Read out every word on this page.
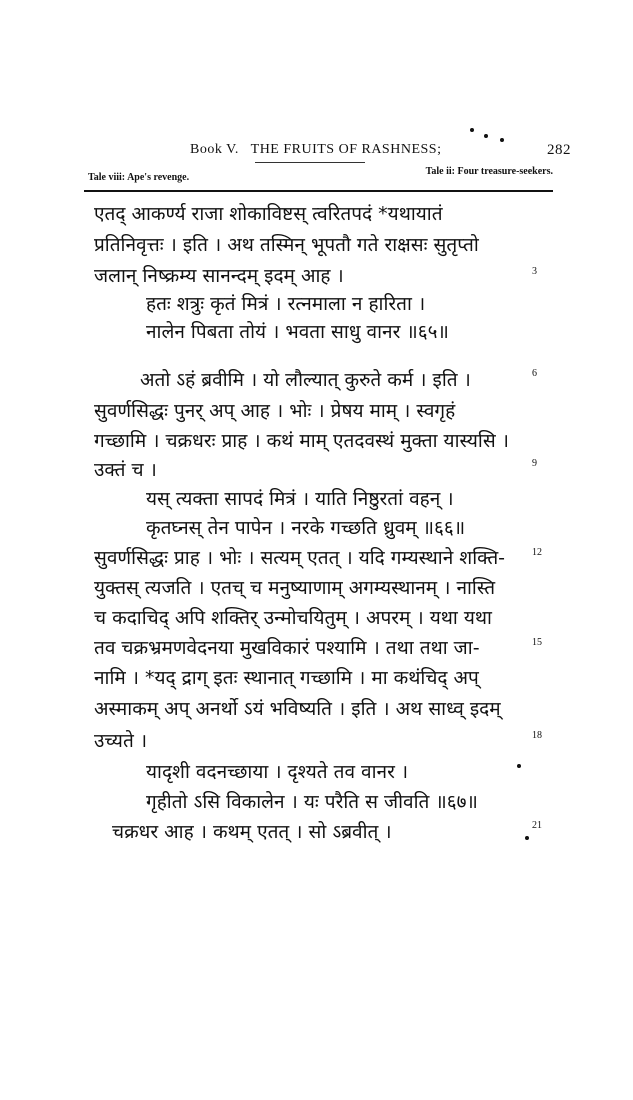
Book V. THE FRUITS OF RASHNESS;	282
Tale viii: Ape's revenge.
Tale ii: Four treasure-seekers.
एतद् आकर्ण्य राजा शोकाविष्टस् त्वरितपदं *यथायातं
प्रतिनिवृत्तः । इति । अथ तस्मिन् भूपतौ गते राक्षसः सुतृप्तो
जलान् निष्क्रम्य सानन्दम् इदम् आह ।
हतः शत्रुः कृतं मित्रं । रत्नमाला न हारिता ।
नालेन पिबता तोयं । भवता साधु वानर ॥६५॥
अतो ऽहं ब्रवीमि । यो लौल्यात् कुरुते कर्म । इति ।
सुवर्णसिद्धः पुनर् अप् आह । भोः । प्रेषय माम् । स्वगृहं
गच्छामि । चक्रधरः प्राह । कथं माम् एतदवस्थं मुक्ता यास्यसि ।
उक्तं च ।
यस् त्यक्ता सापदं मित्रं । याति निष्ठुरतां वहन् ।
कृतघ्नस् तेन पापेन । नरके गच्छति ध्रुवम् ॥६६॥
सुवर्णसिद्धः प्राह । भोः । सत्यम् एतत् । यदि गम्यस्थाने शक्ति-
युक्तस् त्यजति । एतच् च मनुष्याणाम् अगम्यस्थानम् । नास्ति
च कदाचिद् अपि शक्तिर् उन्मोचयितुम् । अपरम् । यथा यथा
तव चक्रभ्रमणवेदनया मुखविकारं पश्यामि । तथा तथा जा-
नामि । *यद् द्राग् इतः स्थानात् गच्छामि । मा कथंचिद् अप्
अस्माकम् अप् अनर्थो ऽयं भविष्यति । इति । अथ साध्व् इदम्
उच्यते ।
यादृशी वदनच्छाया । दृश्यते तव वानर ।
गृहीतो ऽसि विकालेन । यः परैति स जीवति ॥६७॥
चक्रधर आह । कथम् एतत् । सो ऽब्रवीत् ।
3
6
9
12
15
18
21
